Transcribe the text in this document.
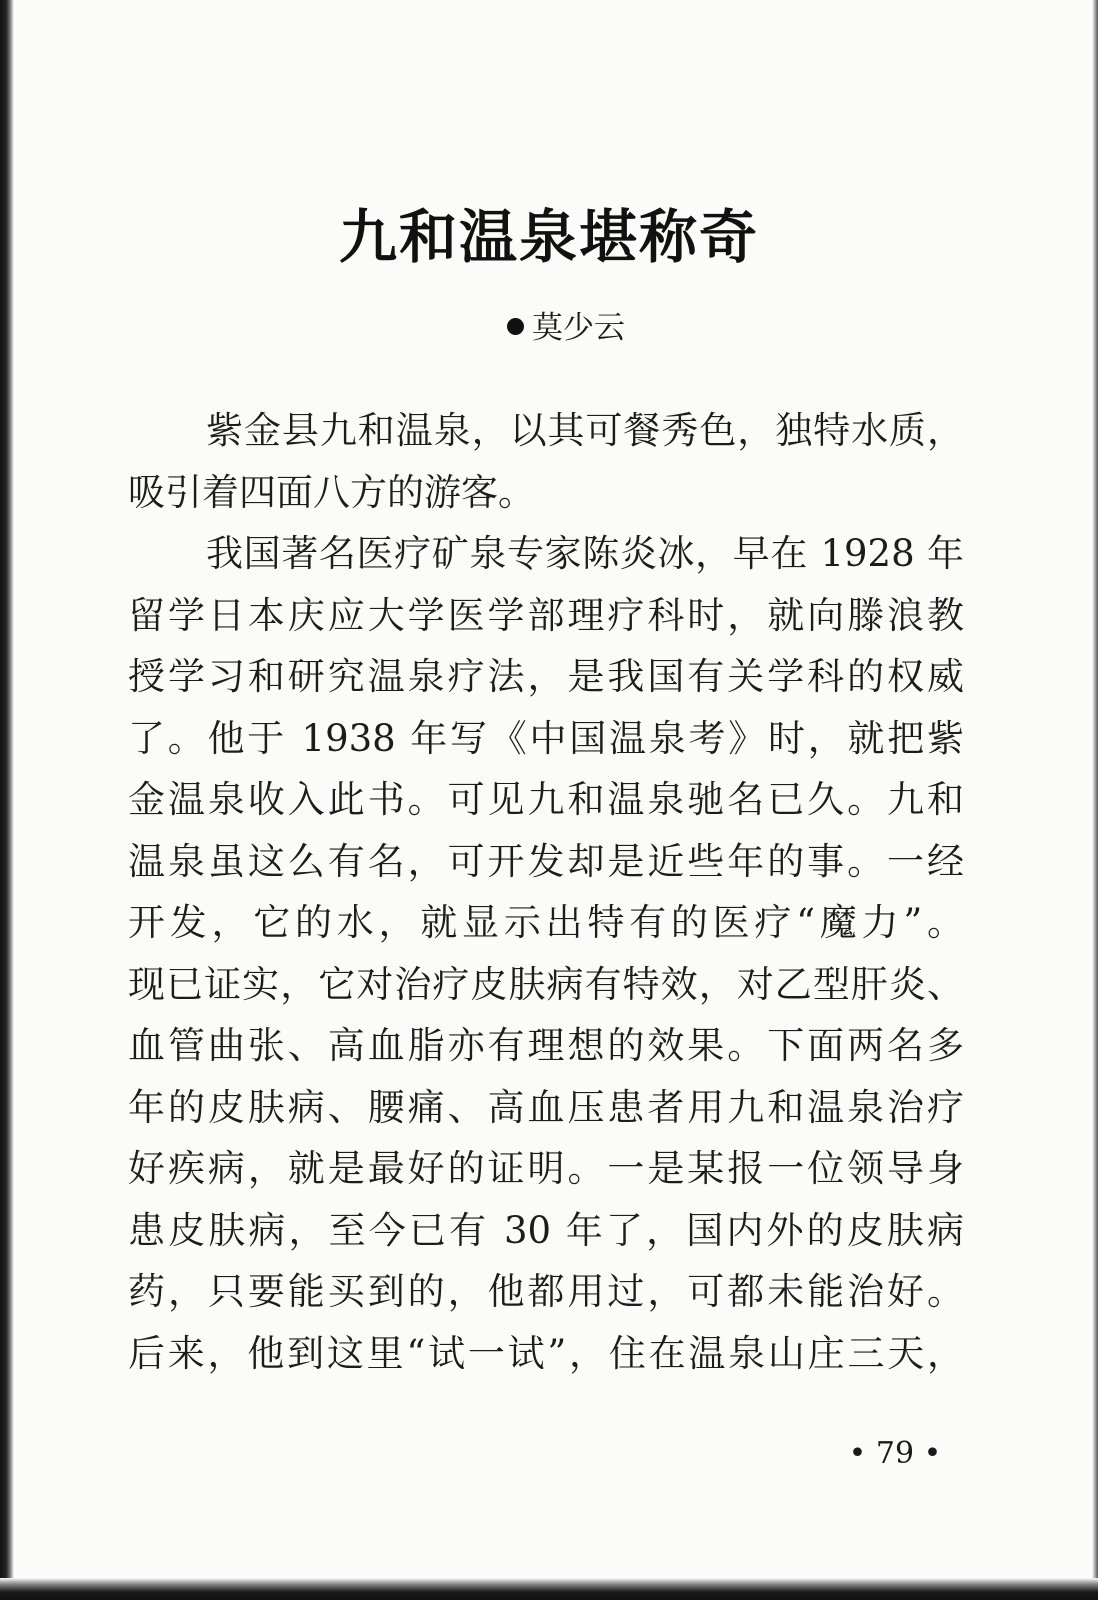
九和温泉堪称奇
莫少云
紫金县九和温泉，以其可餐秀色，独特水质，
吸引着四面八方的游客。
我国著名医疗矿泉专家陈炎冰，早在 1928 年
留学日本庆应大学医学部理疗科时，就向滕浪教
授学习和研究温泉疗法，是我国有关学科的权威
了。他于 1938 年写《中国温泉考》时，就把紫
金温泉收入此书。可见九和温泉驰名已久。九和
温泉虽这么有名，可开发却是近些年的事。一经
开发，它的水，就显示出特有的医疗“魔力”。
现已证实，它对治疗皮肤病有特效，对乙型肝炎、
血管曲张、高血脂亦有理想的效果。下面两名多
年的皮肤病、腰痛、高血压患者用九和温泉治疗
好疾病，就是最好的证明。一是某报一位领导身
患皮肤病，至今已有 30 年了，国内外的皮肤病
药，只要能买到的，他都用过，可都未能治好。
后来，他到这里“试一试”，住在温泉山庄三天，
• 79 •
